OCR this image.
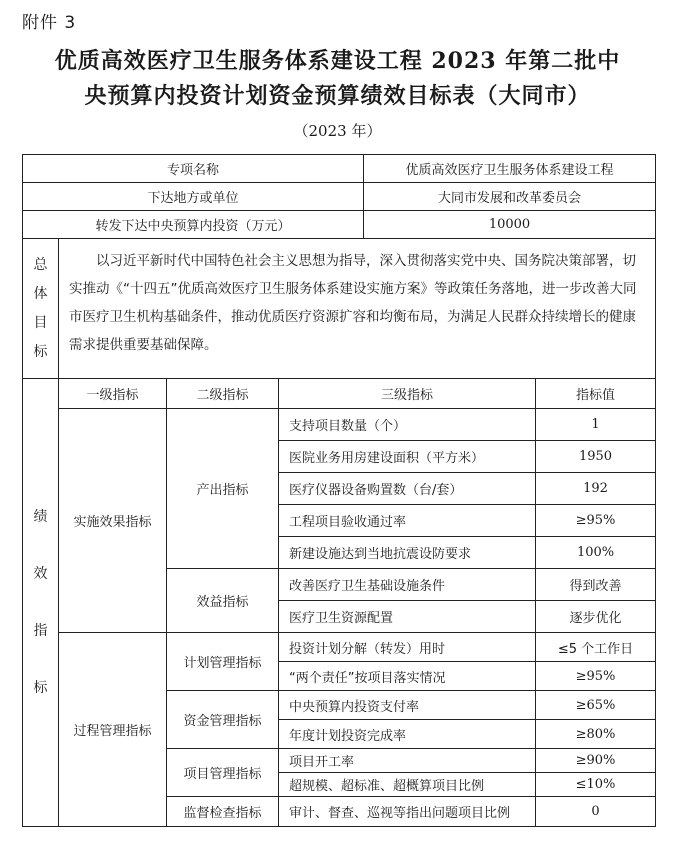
附件 3
优质高效医疗卫生服务体系建设工程 2023 年第二批中
央预算内投资计划资金预算绩效目标表（大同市）
（2023 年）
专项名称				优质高效医疗卫生服务体系建设工程	
下达地方或单位				大同市发展和改革委员会	
转发下达中央预算内投资（万元）				10000	

总
体
目
标	以习近平新时代中国特色社会主义思想为指导，深入贯彻落实党中央、国务院决策部署，切实推动《“十四五”优质高效医疗卫生服务体系建设实施方案》等政策任务落地，进一步改善大同市医疗卫生机构基础条件，推动优质医疗资源扩容和均衡布局，为满足人民群众持续增长的健康需求提供重要基础保障。				

绩
效
指
标	一级指标	二级指标	三级指标		指标值
	实施效果指标	产出指标	支持项目数量（个）		1
			医院业务用房建设面积（平方米）		1950
			医疗仪器设备购置数（台/套）		192
			工程项目验收通过率		≥95%
			新建设施达到当地抗震设防要求		100%
		效益指标	改善医疗卫生基础设施条件		得到改善
			医疗卫生资源配置		逐步优化
	过程管理指标	计划管理指标	投资计划分解（转发）用时		≤5 个工作日
			“两个责任”按项目落实情况		≥95%
		资金管理指标	中央预算内投资支付率		≥65%
			年度计划投资完成率		≥80%
		项目管理指标	项目开工率		≥90%
			超规模、超标准、超概算项目比例		≤10%
		监督检查指标	审计、督查、巡视等指出问题项目比例		0
